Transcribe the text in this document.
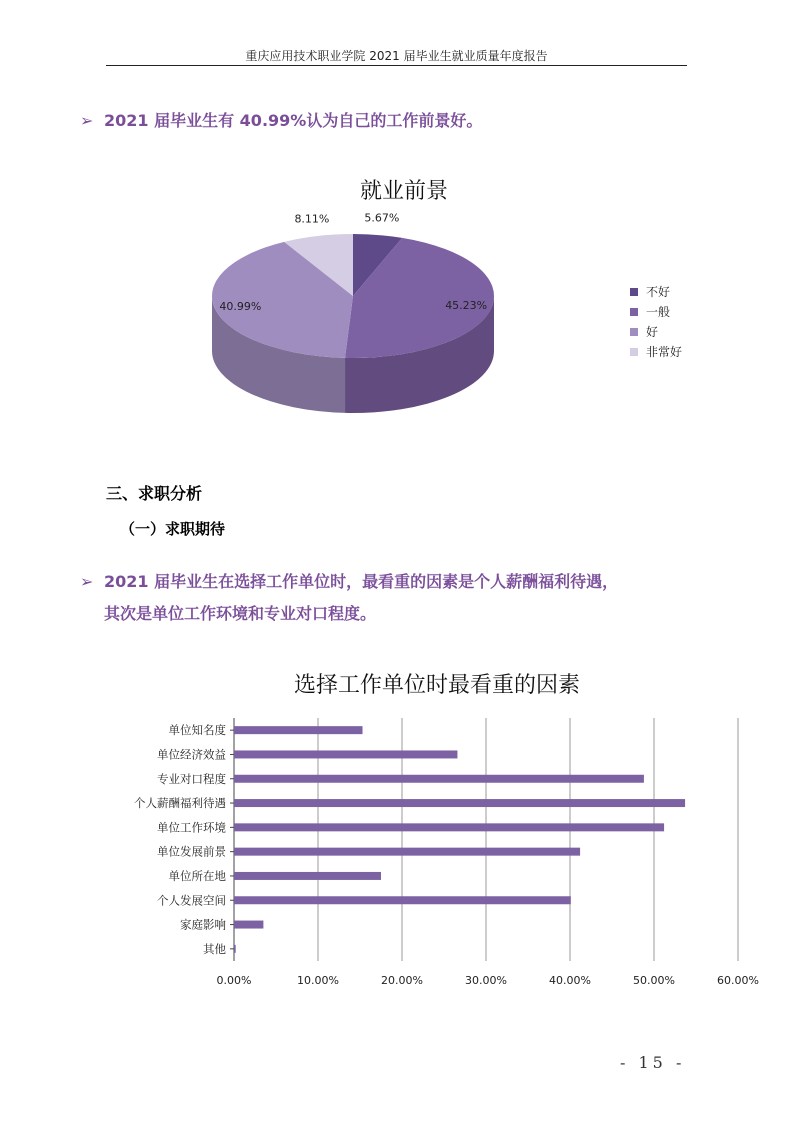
重庆应用技术职业学院 2021 届毕业生就业质量年度报告
➢ 2021 届毕业生有 40.99%认为自己的工作前景好。
就业前景
5.67%
45.23%
40.99%
8.11%
不好
一般
好
非常好
三、求职分析
（一）求职期待
➢ 2021 届毕业生在选择工作单位时，最看重的因素是个人薪酬福利待遇，
其次是单位工作环境和专业对口程度。
选择工作单位时最看重的因素
0.00%	10.00%	20.00%	30.00%	40.00%	50.00%	60.00%
单位知名度
单位经济效益
专业对口程度
个人薪酬福利待遇
单位工作环境
单位发展前景
单位所在地
个人发展空间
家庭影响
其他
- 15 -
